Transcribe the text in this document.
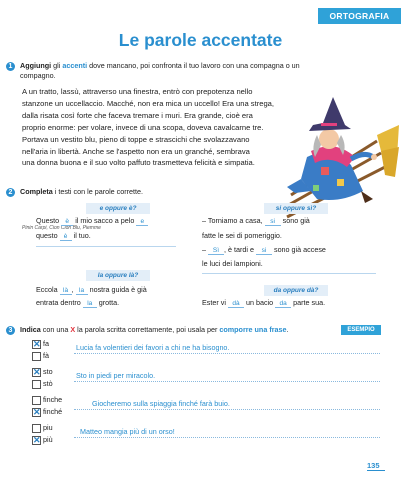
ORTOGRAFIA
Le parole accentate
1	Aggiungi gli accenti dove mancano, poi confronta il tuo lavoro con una compagna o un compagno.
A un tratto, lassù, attraverso una finestra, entrò con prepotenza nello
stanzone un uccellaccio. Macché, non era mica un uccello! Era una strega,
dalla risata così forte che faceva tremare i muri. Era grande, cioè era
proprio enorme: per volare, invece di una scopa, doveva cavalcarne tre.
Portava un vestito blu, pieno di toppe e strascichi che svolazzavano
nell'aria in libertà. Anche se l'aspetto non era un granché, sembrava
una donna buona e il suo volto paffuto trasmetteva felicità e simpatia.
Pinin Carpi, Cion Cion Blu, Piemme
2	Completa i testi con le parole corrette.
e oppure è?
Questo è il mio sacco a pelo e
questo è il tuo.
si oppure sì?
– Torniamo a casa, si sono già
fatte le sei di pomeriggio.
– Sì , è tardi e si sono già accese
le luci dei lampioni.
la oppure là?
Eccola là , la nostra guida è già
entrata dentro la grotta.
da oppure dà?
Ester vi dà un bacio da parte sua.
3	Indica con una X la parola scritta correttamente, poi usala per comporre una frase.	ESEMPIO
✕ fa
fà
Lucia fa volentieri dei favori a chi ne ha bisogno.
✕ sto
stò
Sto in piedi per miracolo.
finche
✕ finché
Giocheremo sulla spiaggia finché farà buio.
piu
✕ più
Matteo mangia più di un orso!
135
